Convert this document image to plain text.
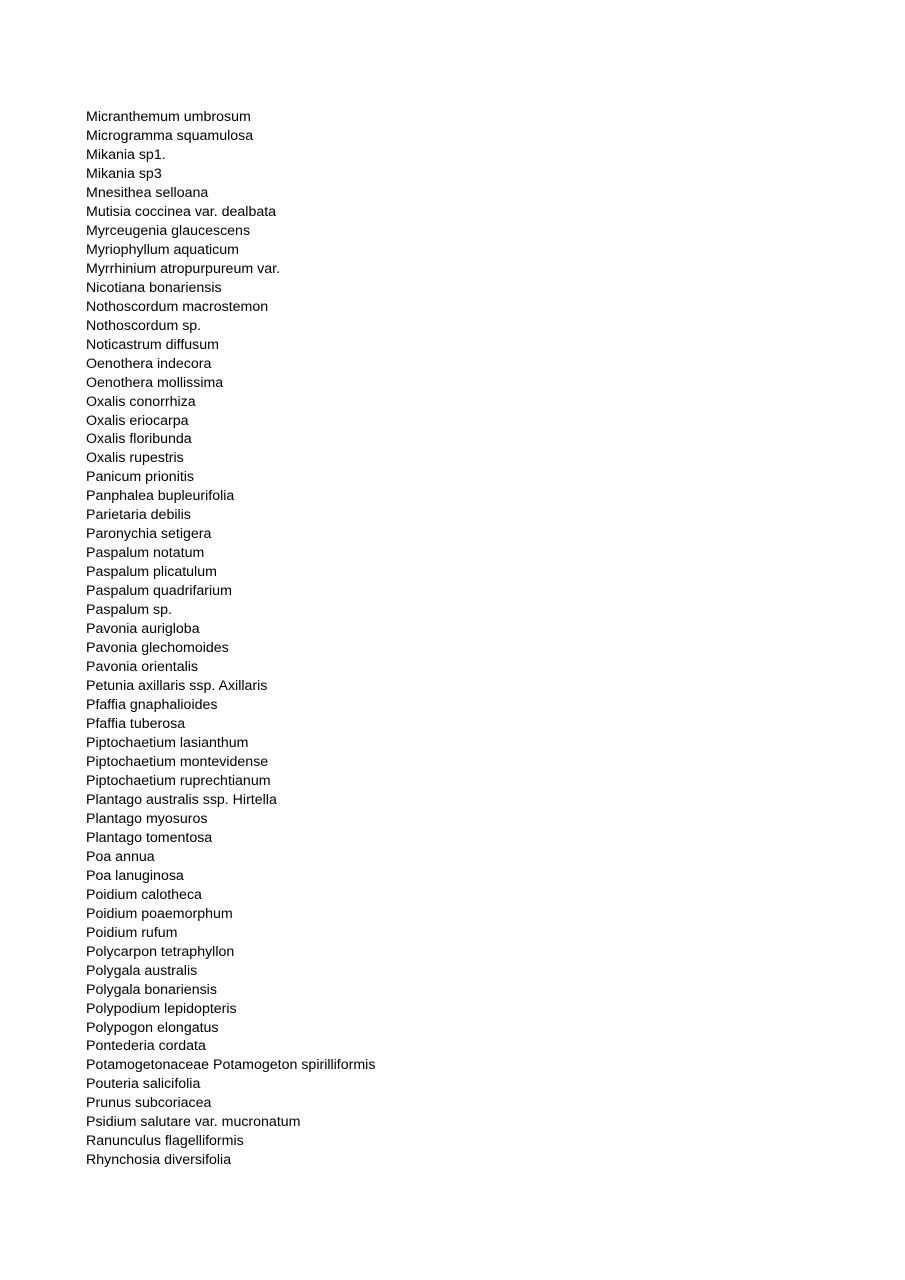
Micranthemum umbrosum
Microgramma squamulosa
Mikania sp1.
Mikania sp3
Mnesithea selloana
Mutisia coccinea var. dealbata
Myrceugenia glaucescens
Myriophyllum aquaticum
Myrrhinium atropurpureum var.
Nicotiana bonariensis
Nothoscordum macrostemon
Nothoscordum sp.
Noticastrum diffusum
Oenothera indecora
Oenothera mollissima
Oxalis conorrhiza
Oxalis eriocarpa
Oxalis floribunda
Oxalis rupestris
Panicum prionitis
Panphalea bupleurifolia
Parietaria debilis
Paronychia setigera
Paspalum notatum
Paspalum plicatulum
Paspalum quadrifarium
Paspalum sp.
Pavonia aurigloba
Pavonia glechomoides
Pavonia orientalis
Petunia axillaris ssp. Axillaris
Pfaffia gnaphalioides
Pfaffia tuberosa
Piptochaetium lasianthum
Piptochaetium montevidense
Piptochaetium ruprechtianum
Plantago australis ssp. Hirtella
Plantago myosuros
Plantago tomentosa
Poa annua
Poa lanuginosa
Poidium calotheca
Poidium poaemorphum
Poidium rufum
Polycarpon tetraphyllon
Polygala australis
Polygala bonariensis
Polypodium lepidopteris
Polypogon elongatus
Pontederia cordata
Potamogetonaceae Potamogeton spirilliformis
Pouteria salicifolia
Prunus subcoriacea
Psidium salutare var. mucronatum
Ranunculus flagelliformis
Rhynchosia diversifolia
